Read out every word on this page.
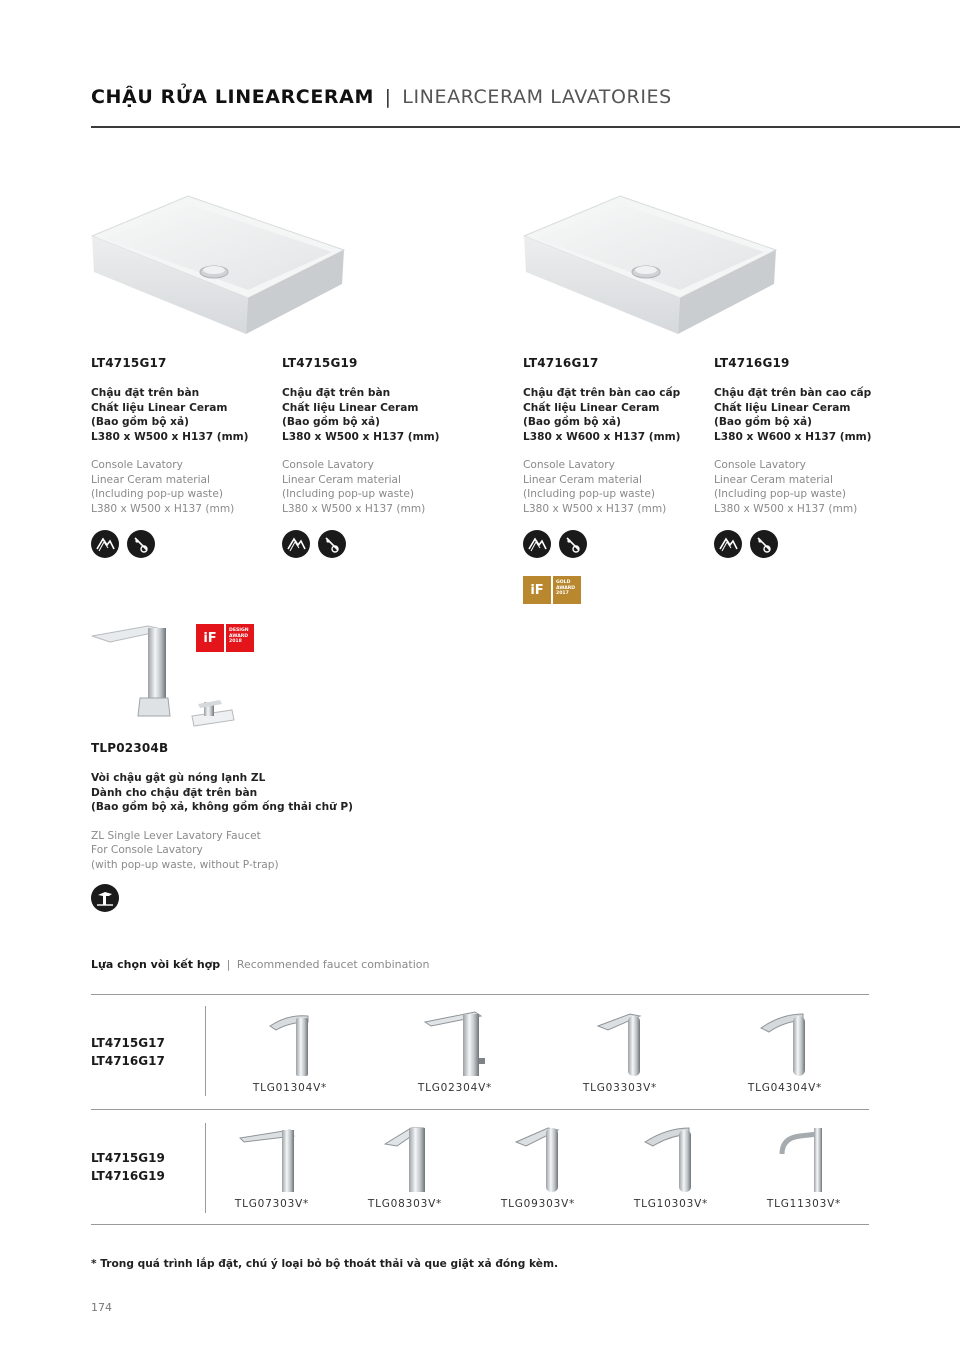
CHẬU RỬA LINEARCERAM | LINEARCERAM LAVATORIES
LT4715G17
Chậu đặt trên bàn
Chất liệu Linear Ceram
(Bao gồm bộ xả)
L380 x W500 x H137 (mm)
Console Lavatory
Linear Ceram material
(Including pop-up waste)
L380 x W500 x H137 (mm)
LT4715G19
Chậu đặt trên bàn
Chất liệu Linear Ceram
(Bao gồm bộ xả)
L380 x W500 x H137 (mm)
Console Lavatory
Linear Ceram material
(Including pop-up waste)
L380 x W500 x H137 (mm)
LT4716G17
Chậu đặt trên bàn cao cấp
Chất liệu Linear Ceram
(Bao gồm bộ xả)
L380 x W600 x H137 (mm)
Console Lavatory
Linear Ceram material
(Including pop-up waste)
L380 x W500 x H137 (mm)
LT4716G19
Chậu đặt trên bàn cao cấp
Chất liệu Linear Ceram
(Bao gồm bộ xả)
L380 x W600 x H137 (mm)
Console Lavatory
Linear Ceram material
(Including pop-up waste)
L380 x W500 x H137 (mm)
iF	GOLD
AWARD
2017
iF	DESIGN
AWARD
2018
TLP02304B
Vòi chậu gật gù nóng lạnh ZL
Dành cho chậu đặt trên bàn
(Bao gồm bộ xả, không gồm ống thải chữ P)
ZL Single Lever Lavatory Faucet
For Console Lavatory
(with pop-up waste, without P-trap)
Lựa chọn vòi kết hợp | Recommended faucet combination
LT4715G17
LT4716G17
TLG01304V*	TLG02304V*	TLG03303V*	TLG04304V*
LT4715G19
LT4716G19
TLG07303V*	TLG08303V*	TLG09303V*	TLG10303V*	TLG11303V*
* Trong quá trình lắp đặt, chú ý loại bỏ bộ thoát thải và que giật xả đóng kèm.
174
